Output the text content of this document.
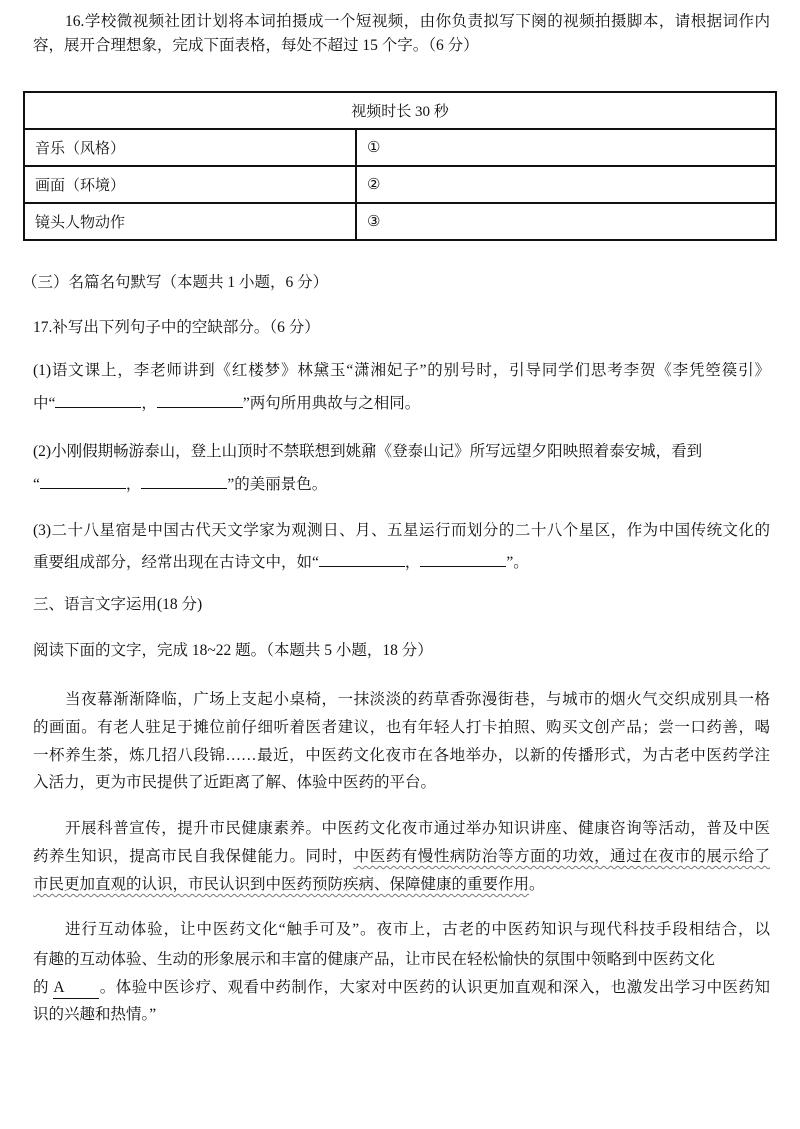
16.学校微视频社团计划将本词拍摄成一个短视频，由你负责拟写下阕的视频拍摄脚本，请根据词作内
容，展开合理想象，完成下面表格，每处不超过 15 个字。（6 分）
视频时长 30 秒	
音乐（风格）	①
画面（环境）	②
镜头人物动作	③
（三）名篇名句默写（本题共 1 小题，6 分）
17.补写出下列句子中的空缺部分。（6 分）
(1)语文课上，李老师讲到《红楼梦》林黛玉“潇湘妃子”的别号时，引导同学们思考李贺《李凭箜篌引》
中“	，	”两句所用典故与之相同。
(2)小刚假期畅游泰山，登上山顶时不禁联想到姚鼐《登泰山记》所写远望夕阳映照着泰安城，看到
“	，	”的美丽景色。
(3)二十八星宿是中国古代天文学家为观测日、月、五星运行而划分的二十八个星区，作为中国传统文化的
重要组成部分，经常出现在古诗文中，如“	，	”。
三、语言文字运用(18 分)
阅读下面的文字，完成 18~22 题。（本题共 5 小题，18 分）
当夜幕渐渐降临，广场上支起小桌椅，一抹淡淡的药草香弥漫街巷，与城市的烟火气交织成别具一格
的画面。有老人驻足于摊位前仔细听着医者建议，也有年轻人打卡拍照、购买文创产品；尝一口药善，喝
一杯养生茶，炼几招八段锦……最近，中医药文化夜市在各地举办，以新的传播形式，为古老中医药学注
入活力，更为市民提供了近距离了解、体验中医药的平台。
开展科普宣传，提升市民健康素养。中医药文化夜市通过举办知识讲座、健康咨询等活动，普及中医
药养生知识，提高市民自我保健能力。同时，中医药有慢性病防治等方面的功效，通过在夜市的展示给了
市民更加直观的认识，市民认识到中医药预防疾病、保障健康的重要作用。
进行互动体验，让中医药文化“触手可及”。夜市上，古老的中医药知识与现代科技手段相结合，以
有趣的互动体验、生动的形象展示和丰富的健康产品，让市民在轻松愉快的氛围中领略到中医药文化
的 A 。体验中医诊疗、观看中药制作，大家对中医药的认识更加直观和深入，也激发出学习中医药知
识的兴趣和热情。”
